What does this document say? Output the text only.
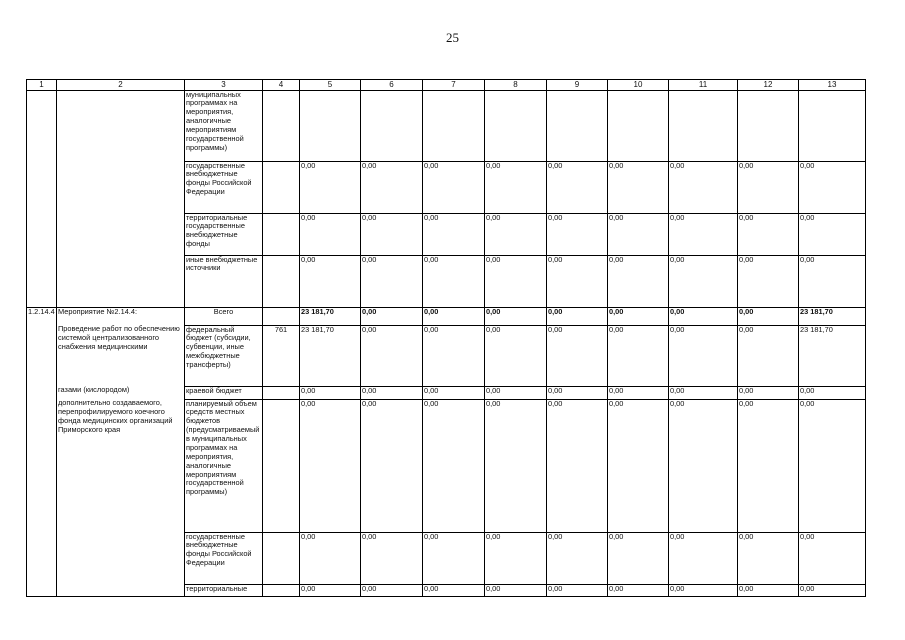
25
1	2	3	4	5	6	7	8	9	10	11	12	13
		муниципальных программах на мероприятия, аналогичные мероприятиям государственной программы)										
		государственные внебюджетные фонды Российской Федерации		0,00	0,00	0,00	0,00	0,00	0,00	0,00	0,00	0,00
		территориальные государственные внебюджетные фонды		0,00	0,00	0,00	0,00	0,00	0,00	0,00	0,00	0,00
		иные внебюджетные источники		0,00	0,00	0,00	0,00	0,00	0,00	0,00	0,00	0,00
1.2.14.4	Мероприятие №2.14.4:	Всего		23 181,70	0,00	0,00	0,00	0,00	0,00	0,00	0,00	23 181,70
	Проведение работ по обеспечению системой централизованного снабжения медицинскими	федеральный бюджет (субсидии, субвенции, иные межбюджетные трансферты)	761	23 181,70	0,00	0,00	0,00	0,00	0,00	0,00	0,00	23 181,70
	газами (кислородом)	краевой бюджет		0,00	0,00	0,00	0,00	0,00	0,00	0,00	0,00	0,00
	дополнительно создаваемого, перепрофилируемого коечного фонда медицинских организаций Приморского края	планируемый объем средств местных бюджетов (предусматриваемый в муниципальных программах на мероприятия, аналогичные мероприятиям государственной программы)		0,00	0,00	0,00	0,00	0,00	0,00	0,00	0,00	0,00
		государственные внебюджетные фонды Российской Федерации		0,00	0,00	0,00	0,00	0,00	0,00	0,00	0,00	0,00
		территориальные		0,00	0,00	0,00	0,00	0,00	0,00	0,00	0,00	0,00
